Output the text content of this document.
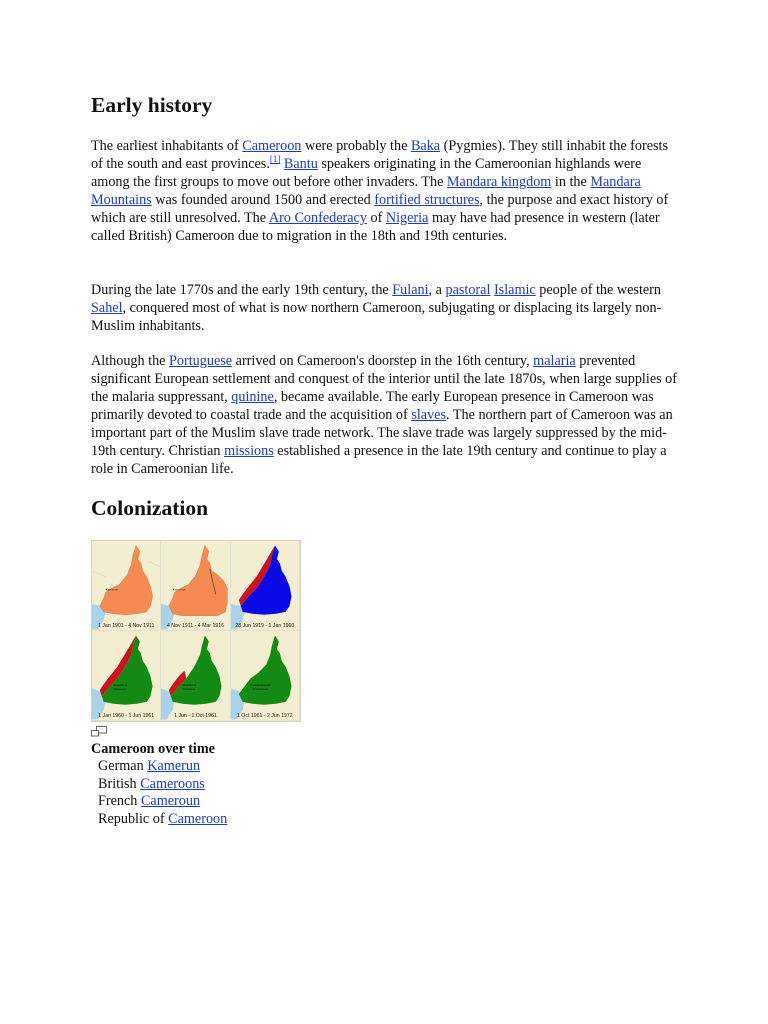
Early history

The earliest inhabitants of Cameroon were probably the Baka (Pygmies). They still inhabit the forests of the south and east provinces.[1] Bantu speakers originating in the Cameroonian highlands were among the first groups to move out before other invaders. The Mandara kingdom in the Mandara Mountains was founded around 1500 and erected fortified structures, the purpose and exact history of which are still unresolved. The Aro Confederacy of Nigeria may have had presence in western (later called British) Cameroon due to migration in the 18th and 19th centuries.

During the late 1770s and the early 19th century, the Fulani, a pastoral Islamic people of the western Sahel, conquered most of what is now northern Cameroon, subjugating or displacing its largely non-Muslim inhabitants.

Although the Portuguese arrived on Cameroon's doorstep in the 16th century, malaria prevented significant European settlement and conquest of the interior until the late 1870s, when large supplies of the malaria suppressant, quinine, became available. The early European presence in Cameroon was primarily devoted to coastal trade and the acquisition of slaves. The northern part of Cameroon was an important part of the Muslim slave trade network. The slave trade was largely suppressed by the mid-19th century. Christian missions established a presence in the late 19th century and continue to play a role in Cameroonian life.

Colonization
Kamerun
1 Jan 1901 - 4 Nov 1911
Kamerun
4 Nov 1911 - 4 Mar 1916	28 Jun 1919 - 1 Jan 1960
Republic of
Cameroon
1 Jan 1960 - 1 Jun 1961
Republic of
Cameroon
1 Jun - 1 Oct 1961
Federal Republic
of Cameroon
1 Oct 1961 - 2 Jun 1972
Cameroon over time
German Kamerun
British Cameroons
French Cameroun
Republic of Cameroon
